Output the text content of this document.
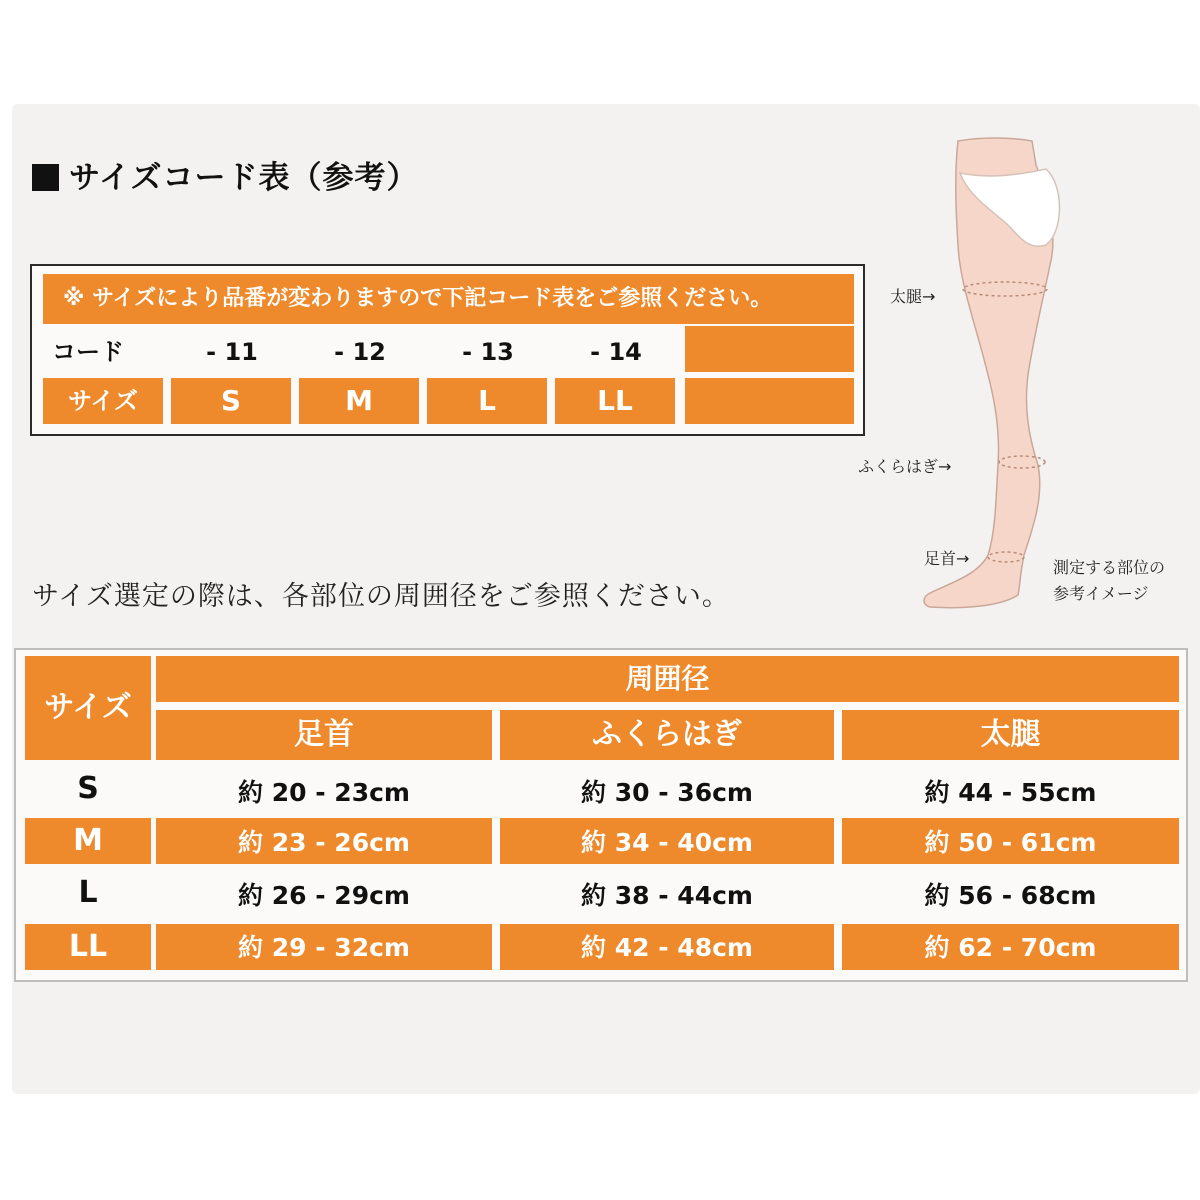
サイズコード表（参考）
※ サイズにより品番が変わりますので下記コード表をご参照ください。
コード	- 11	- 12	- 13	- 14
サイズ	S	M	L	LL
サイズ選定の際は、各部位の周囲径をご参照ください。
太腿→
ふくらはぎ→
足首→	測定する部位の
参考イメージ
サイズ
周囲径
足首	ふくらはぎ	太腿
S	約 20 - 23cm	約 30 - 36cm	約 44 - 55cm
M	約 23 - 26cm	約 34 - 40cm	約 50 - 61cm
L	約 26 - 29cm	約 38 - 44cm	約 56 - 68cm
LL	約 29 - 32cm	約 42 - 48cm	約 62 - 70cm
